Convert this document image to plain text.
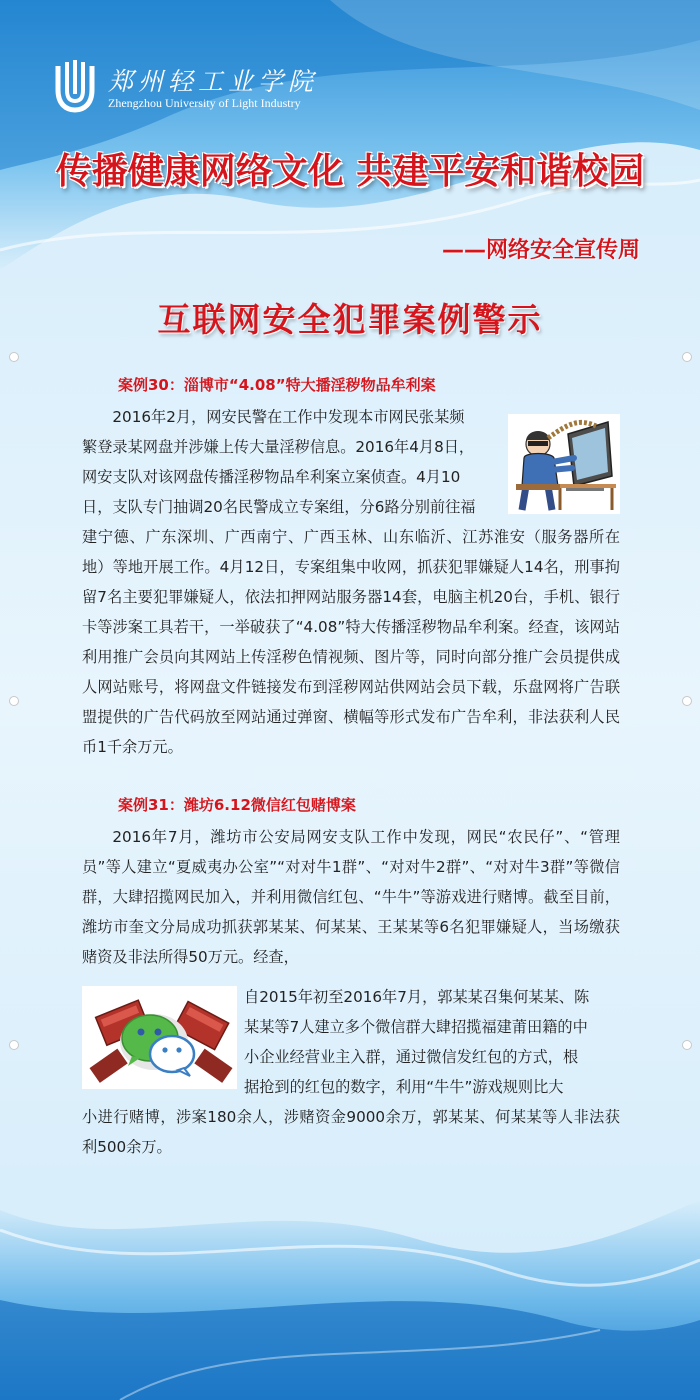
郑州轻工业学院
Zhengzhou University of Light Industry
传播健康网络文化 共建平安和谐校园
——网络安全宣传周
互联网安全犯罪案例警示
案例30：淄博市“4.08”特大播淫秽物品牟利案

2016年2月，网安民警在工作中发现本市网民张某频

繁登录某网盘并涉嫌上传大量淫秽信息。2016年4月8日，

网安支队对该网盘传播淫秽物品牟利案立案侦查。4月10

日，支队专门抽调20名民警成立专案组，分6路分别前往福

建宁德、广东深圳、广西南宁、广西玉林、山东临沂、江苏淮安（服务器所在地）等地开展工作。4月12日，专案组集中收网，抓获犯罪嫌疑人14名，刑事拘留7名主要犯罪嫌疑人，依法扣押网站服务器14套，电脑主机20台，手机、银行卡等涉案工具若干，一举破获了“4.08”特大传播淫秽物品牟利案。经查，该网站利用推广会员向其网站上传淫秽色情视频、图片等，同时向部分推广会员提供成人网站账号，将网盘文件链接发布到淫秽网站供网站会员下载，乐盘网将广告联盟提供的广告代码放至网站通过弹窗、横幅等形式发布广告牟利，非法获利人民币1千余万元。

案例31：潍坊6.12微信红包赌博案

2016年7月，潍坊市公安局网安支队工作中发现，网民“农民仔”、“管理员”等人建立“夏威夷办公室”“对对牛1群”、“对对牛2群”、“对对牛3群”等微信群，大肆招揽网民加入，并利用微信红包、“牛牛”等游戏进行赌博。截至目前，潍坊市奎文分局成功抓获郭某某、何某某、王某某等6名犯罪嫌疑人，当场缴获赌资及非法所得50万元。经查，

自2015年初至2016年7月，郭某某召集何某某、陈

某某等7人建立多个微信群大肆招揽福建莆田籍的中

小企业经营业主入群，通过微信发红包的方式，根

据抢到的红包的数字，利用“牛牛”游戏规则比大

小进行赌博，涉案180余人，涉赌资金9000余万，郭某某、何某某等人非法获利500余万。
